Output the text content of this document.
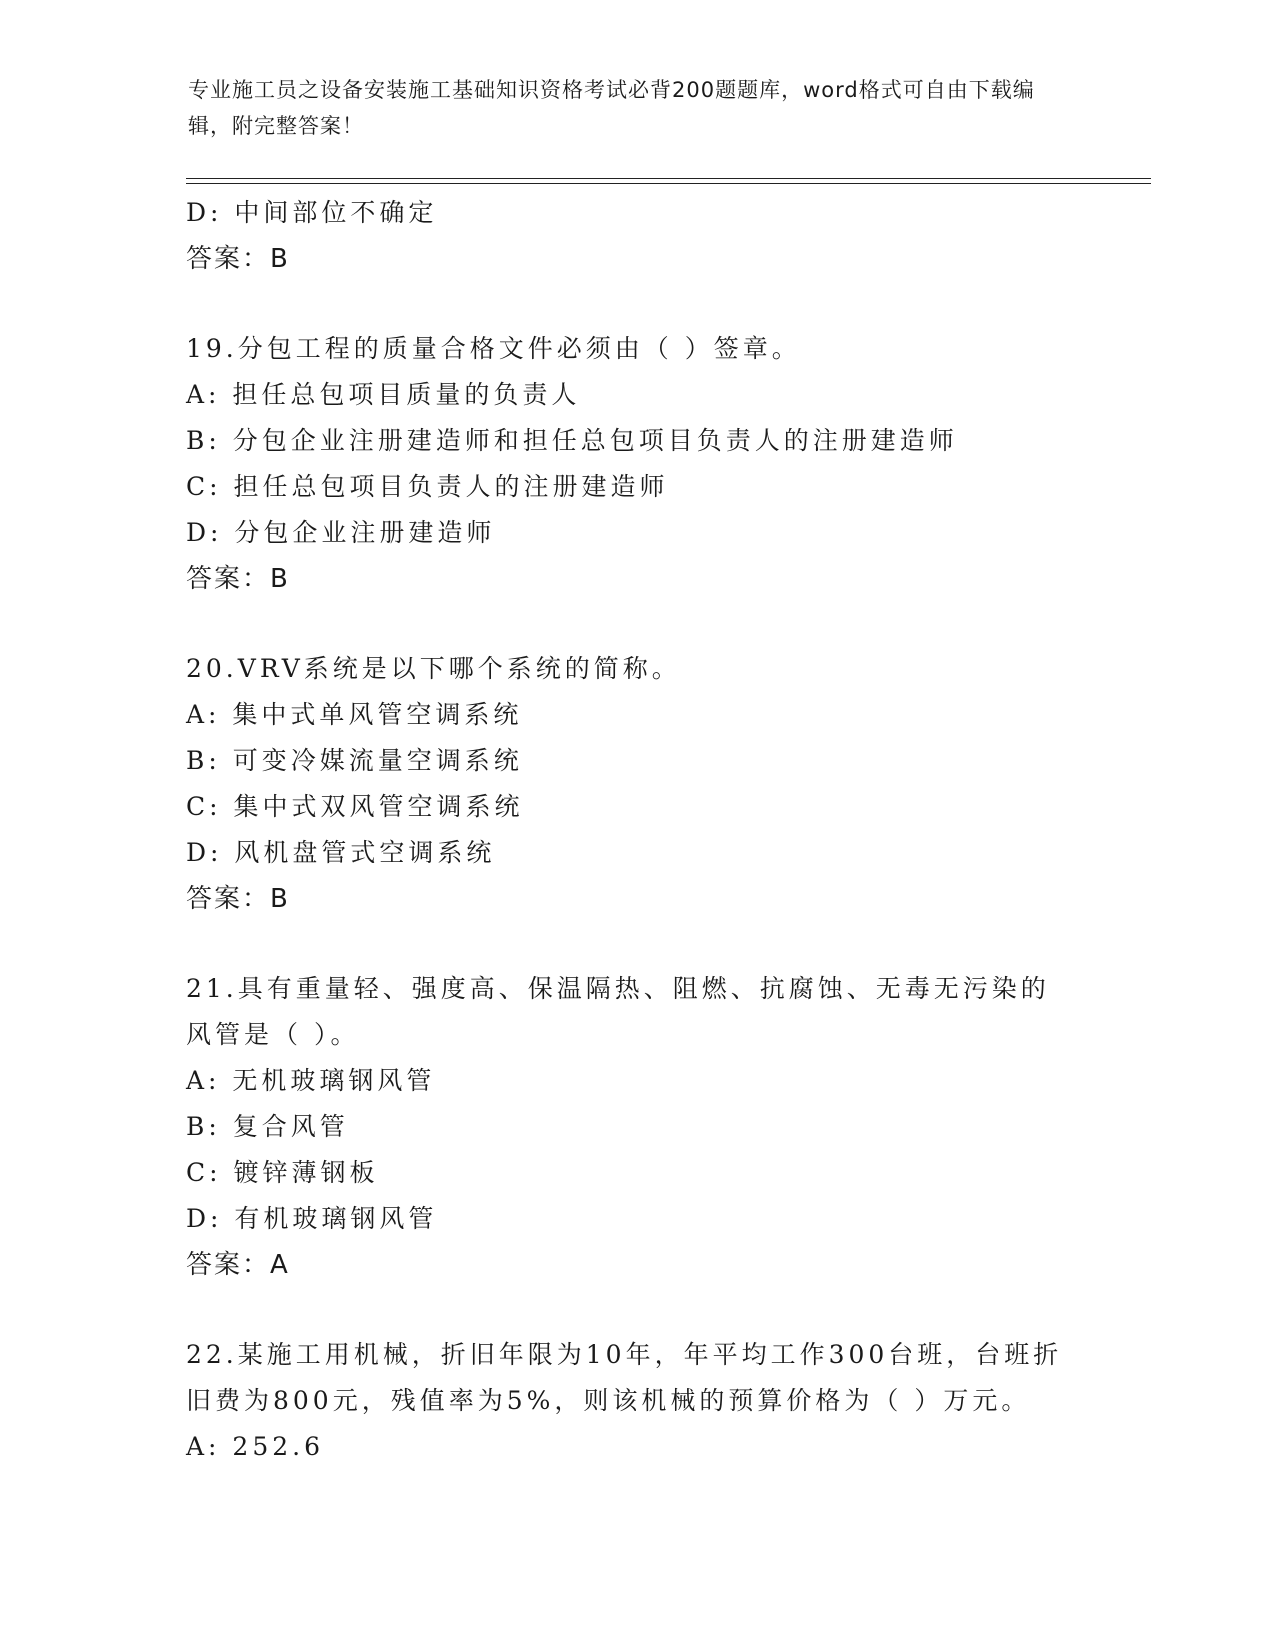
专业施工员之设备安装施工基础知识资格考试必背200题题库，word格式可自由下载编辑，附完整答案！
D: 中间部位不确定
答案：B
19.分包工程的质量合格文件必须由（ ）签章。
A: 担任总包项目质量的负责人
B: 分包企业注册建造师和担任总包项目负责人的注册建造师
C: 担任总包项目负责人的注册建造师
D: 分包企业注册建造师
答案：B
20.VRV系统是以下哪个系统的简称。
A: 集中式单风管空调系统
B: 可变冷媒流量空调系统
C: 集中式双风管空调系统
D: 风机盘管式空调系统
答案：B
21.具有重量轻、强度高、保温隔热、阻燃、抗腐蚀、无毒无污染的风管是（ ）。
A: 无机玻璃钢风管
B: 复合风管
C: 镀锌薄钢板
D: 有机玻璃钢风管
答案：A
22.某施工用机械，折旧年限为10年，年平均工作300台班，台班折旧费为800元，残值率为5%，则该机械的预算价格为（ ）万元。
A: 252.6
